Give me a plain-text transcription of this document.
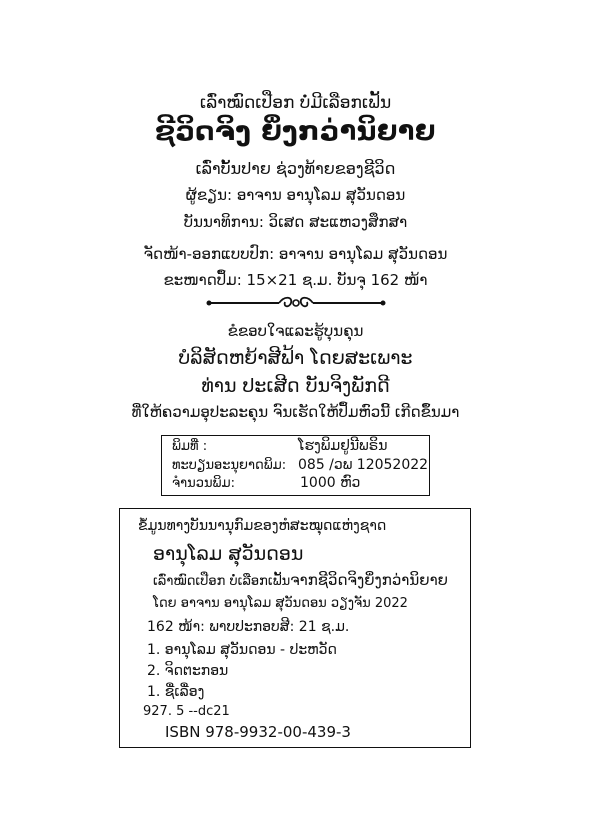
ເລົ່າໝົດເປືອກ ບໍ່ມີເລືອກເຟັ້ນ
ຊີວິດຈິງ ຍິ່ງກວ່ານິຍາຍ
ເລົ່າບັ້ນປາຍ ຊ່ວງທ້າຍຂອງຊີວິດ
ຜູ້ຂຽນ: ອາຈານ ອານຸໂລມ ສຸວັນດອນ
ບັນນາທິການ: ວິເສດ ສະແຫວງສຶກສາ
ຈັດໜ້າ-ອອກແບບປົກ: ອາຈານ ອານຸໂລມ ສຸວັນດອນ
ຂະໜາດປຶ້ມ: 15×21 ຊ.ມ. ບັນຈຸ 162 ໜ້າ
ຂໍຂອບໃຈແລະຮູ້ບຸນຄຸນ
ບໍລິສັດຫຍ້າສີຟ້າ ໂດຍສະເພາະ
ທ່ານ ປະເສີດ ບັນຈິງພັກດີ
ທີ່ໃຫ້ຄວາມອຸປະລະຄຸນ ຈົນເຮັດໃຫ້ປຶ້ມຫົວນີ້ ເກີດຂຶ້ນມາ
ພິມທີ່ :	ໂຮງພິມຢູນີພຣິນ
ທະບຽນອະນຸຍາດພິມ: 085 /ວພ 12052022
ຈໍານວນພິມ:	1000 ຫົວ
ຂໍ້ມູນທາງບັນນານຸກົມຂອງຫໍສະໝຸດແຫ່ງຊາດ
ອານຸໂລມ ສຸວັນດອນ
ເລົ່າໝົດເປືອກ ບໍ່ເລືອກເຟັ້ນຈາກຊີວິດຈິງຍິ່ງກວ່ານິຍາຍ
ໂດຍ ອາຈານ ອານຸໂລມ ສຸວັນດອນ ວຽງຈັນ 2022
162 ໜ້າ: ພາບປະກອບສີ: 21 ຊ.ມ.
1. ອານຸໂລມ ສຸວັນດອນ - ປະຫວັດ
2. ຈິດຕະກອນ
1. ຊື່ເລື່ອງ
927. 5 --dc21
ISBN 978-9932-00-439-3
